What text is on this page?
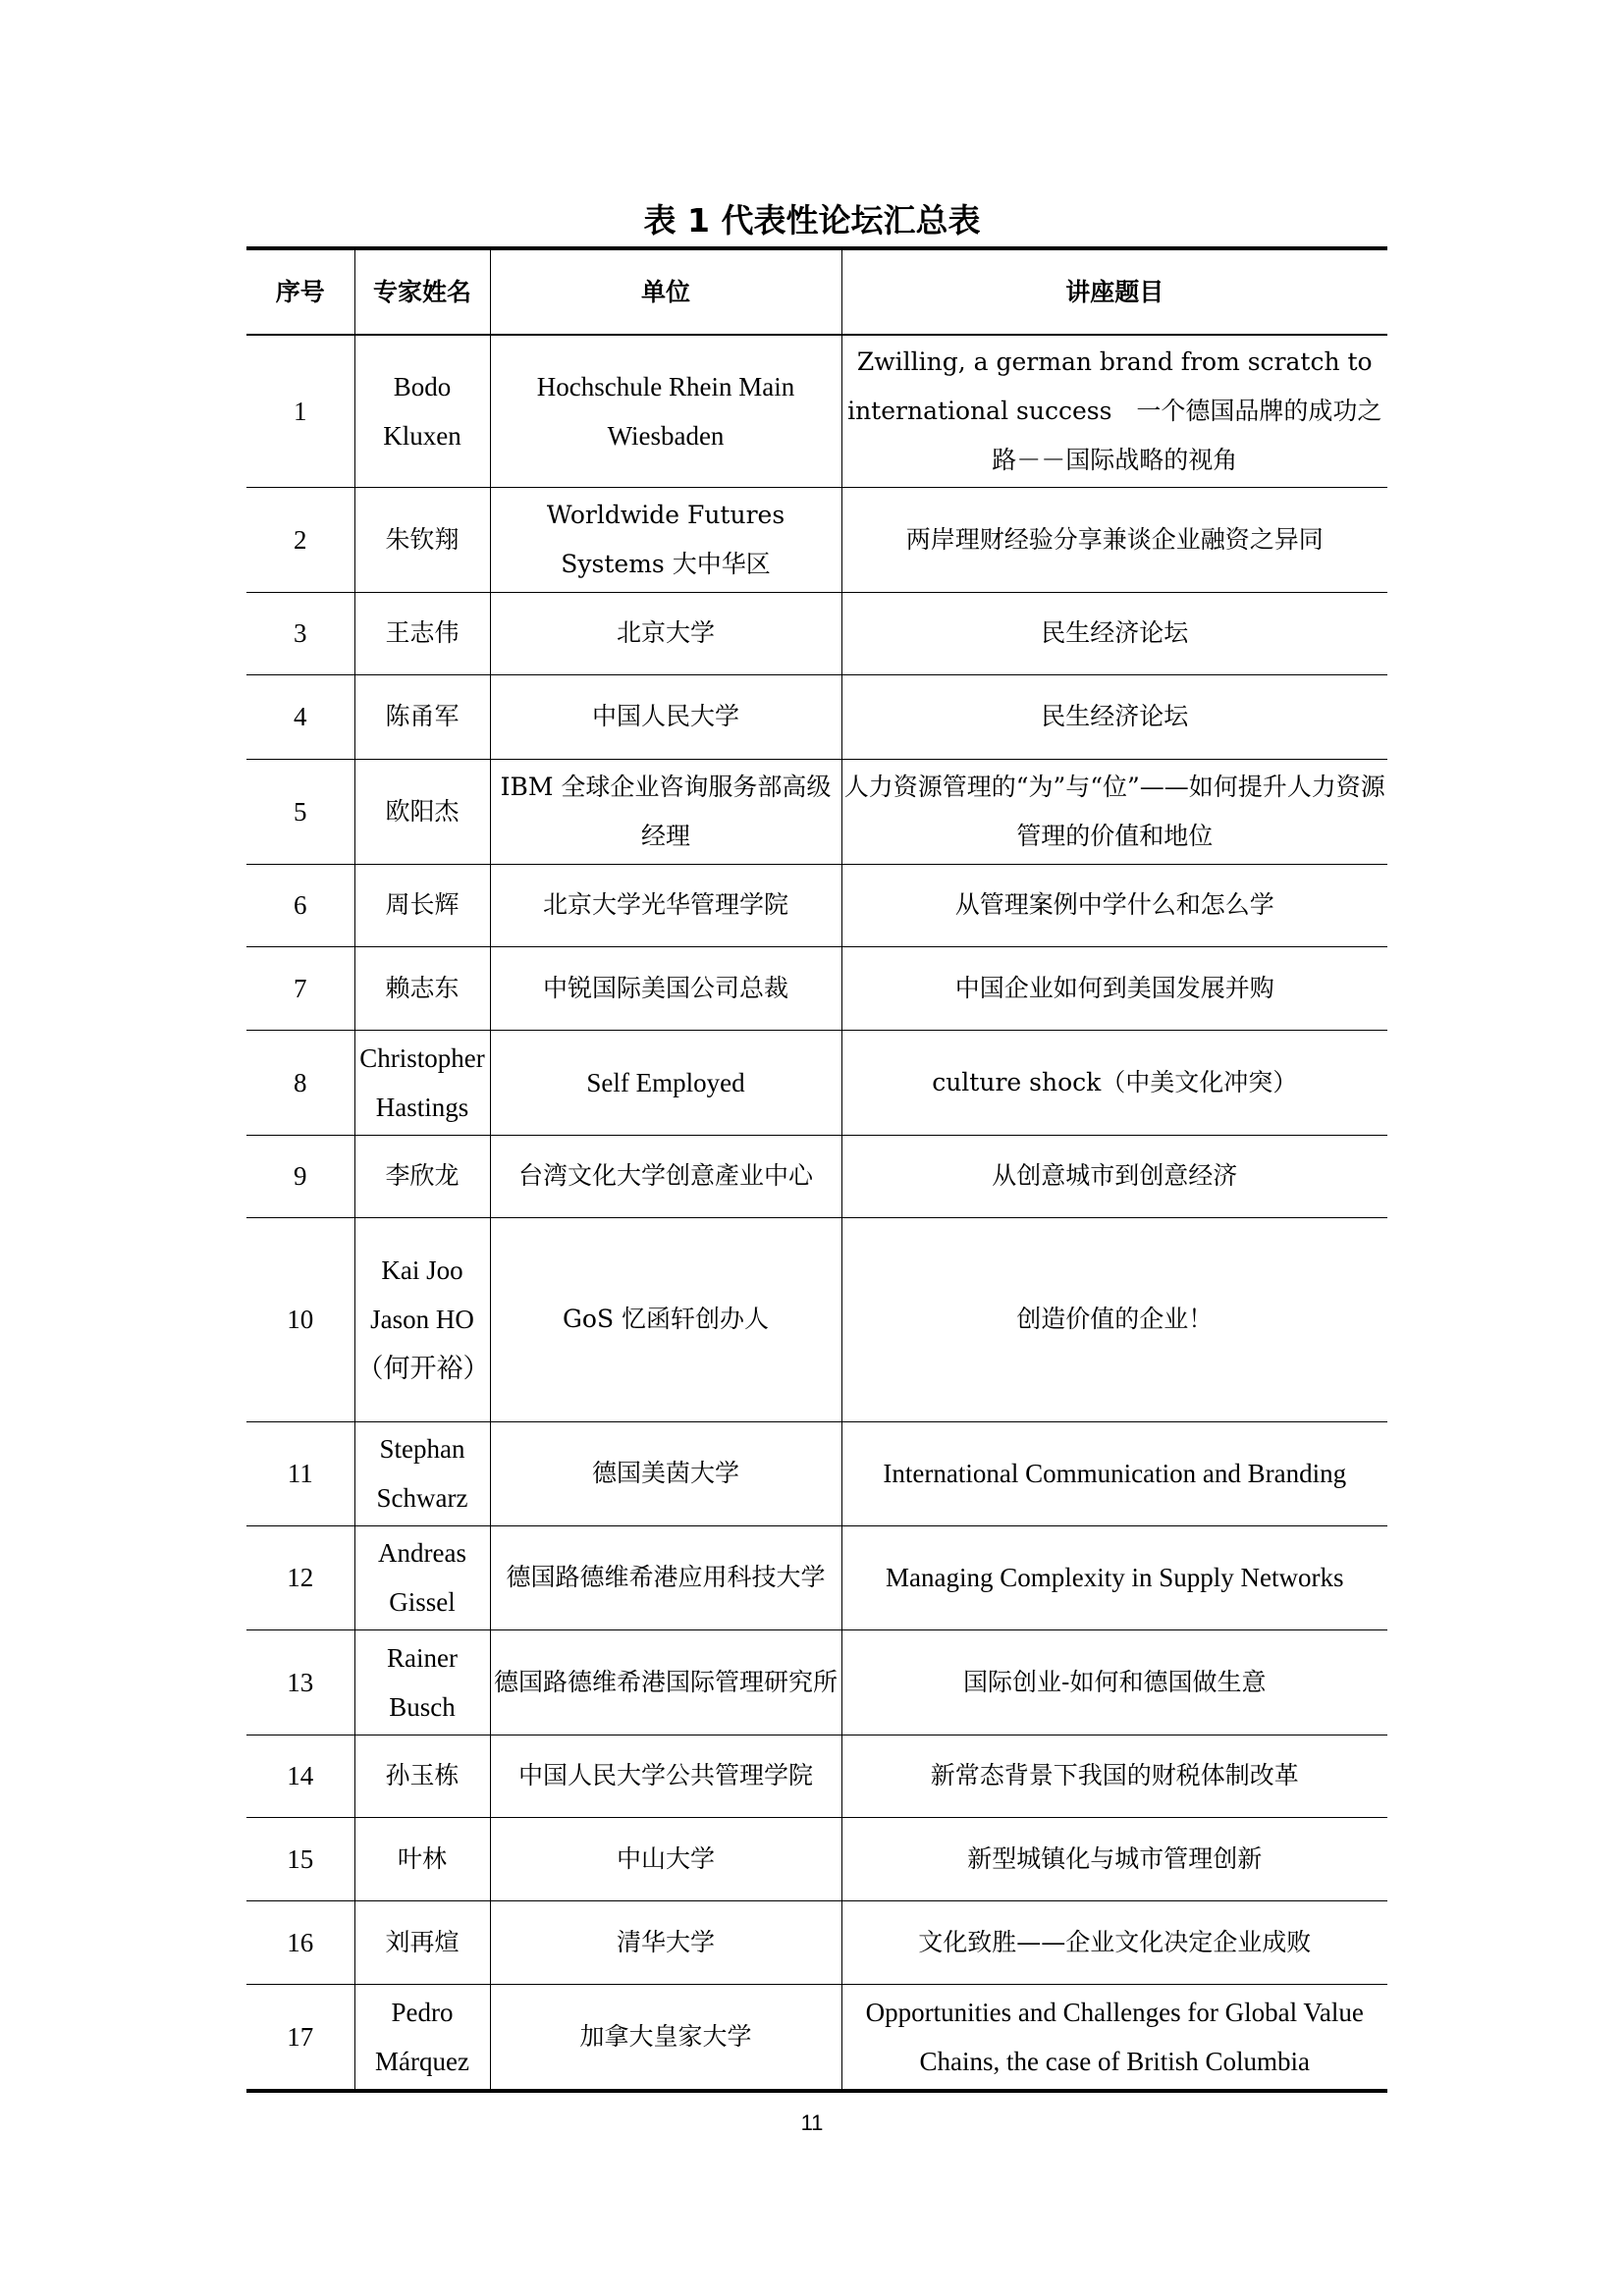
表 1 代表性论坛汇总表
序号	专家姓名	单位	讲座题目
1	Bodo Kluxen	Hochschule Rhein Main Wiesbaden	Zwilling, a german brand from scratch to international success　一个德国品牌的成功之路－－国际战略的视角
2	朱钦翔	Worldwide Futures Systems 大中华区	两岸理财经验分享兼谈企业融资之异同
3	王志伟	北京大学	民生经济论坛
4	陈甬军	中国人民大学	民生经济论坛
5	欧阳杰	IBM 全球企业咨询服务部高级经理	人力资源管理的“为”与“位”——如何提升人力资源管理的价值和地位
6	周长辉	北京大学光华管理学院	从管理案例中学什么和怎么学
7	赖志东	中锐国际美国公司总裁	中国企业如何到美国发展并购
8	Christopher Hastings	Self Employed	culture shock（中美文化冲突）
9	李欣龙	台湾文化大学创意產业中心	从创意城市到创意经济
10	Kai Joo Jason HO （何开裕）	GoS 忆函轩创办人	创造价值的企业！
11	Stephan Schwarz	德国美茵大学	International Communication and Branding
12	Andreas Gissel	德国路德维希港应用科技大学	Managing Complexity in Supply Networks
13	Rainer Busch	德国路德维希港国际管理研究所	国际创业-如何和德国做生意
14	孙玉栋	中国人民大学公共管理学院	新常态背景下我国的财税体制改革
15	叶林	中山大学	新型城镇化与城市管理创新
16	刘再煊	清华大学	文化致胜——企业文化决定企业成败
17	Pedro Márquez	加拿大皇家大学	Opportunities and Challenges for Global Value Chains, the case of British Columbia
11
